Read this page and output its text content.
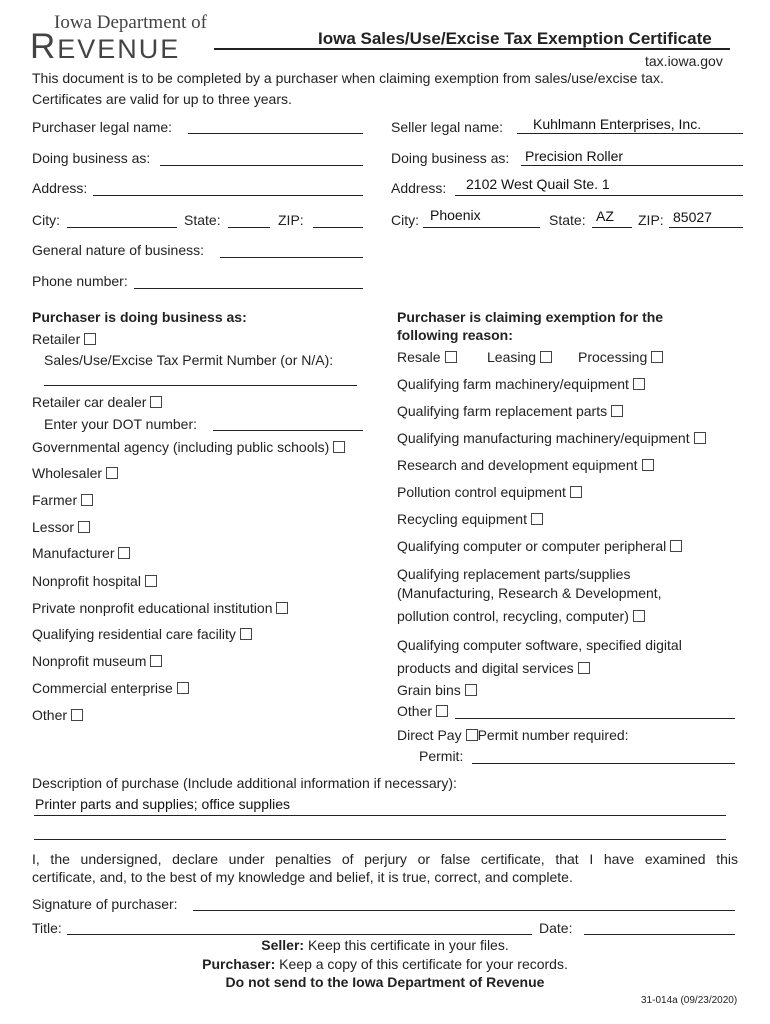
Iowa Department of
REVENUE	Iowa Sales/Use/Excise Tax Exemption Certificate
tax.iowa.gov
This document is to be completed by a purchaser when claiming exemption from sales/use/excise tax.
Certificates are valid for up to three years.
Purchaser legal name:
Doing business as:
Address:
City:	State:	ZIP:
General nature of business:
Phone number:
Seller legal name: Kuhlmann Enterprises, Inc.
Doing business as: Precision Roller
Address: 2102 West Quail Ste. 1
City: Phoenix	State: AZ ZIP: 85027
Purchaser is doing business as:
Retailer
Sales/Use/Excise Tax Permit Number (or N/A):
Retailer car dealer
Enter your DOT number:
Governmental agency (including public schools)
Wholesaler
Farmer
Lessor
Manufacturer
Nonprofit hospital
Private nonprofit educational institution
Qualifying residential care facility
Nonprofit museum
Commercial enterprise
Other
Purchaser is claiming exemption for the
following reason:
Resale	Leasing	Processing
Qualifying farm machinery/equipment
Qualifying farm replacement parts
Qualifying manufacturing machinery/equipment
Research and development equipment
Pollution control equipment
Recycling equipment
Qualifying computer or computer peripheral
Qualifying replacement parts/supplies
(Manufacturing, Research & Development,
pollution control, recycling, computer)
Qualifying computer software, specified digital
products and digital services
Grain bins
Other
Direct Pay Permit number required:
Permit:
Description of purchase (Include additional information if necessary):
Printer parts and supplies; office supplies
I, the undersigned, declare under penalties of perjury or false certificate, that I have examined this
certificate, and, to the best of my knowledge and belief, it is true, correct, and complete.
Signature of purchaser:
Title:	Date:
Seller: Keep this certificate in your files.
Purchaser: Keep a copy of this certificate for your records.
Do not send to the Iowa Department of Revenue
31-014a (09/23/2020)
